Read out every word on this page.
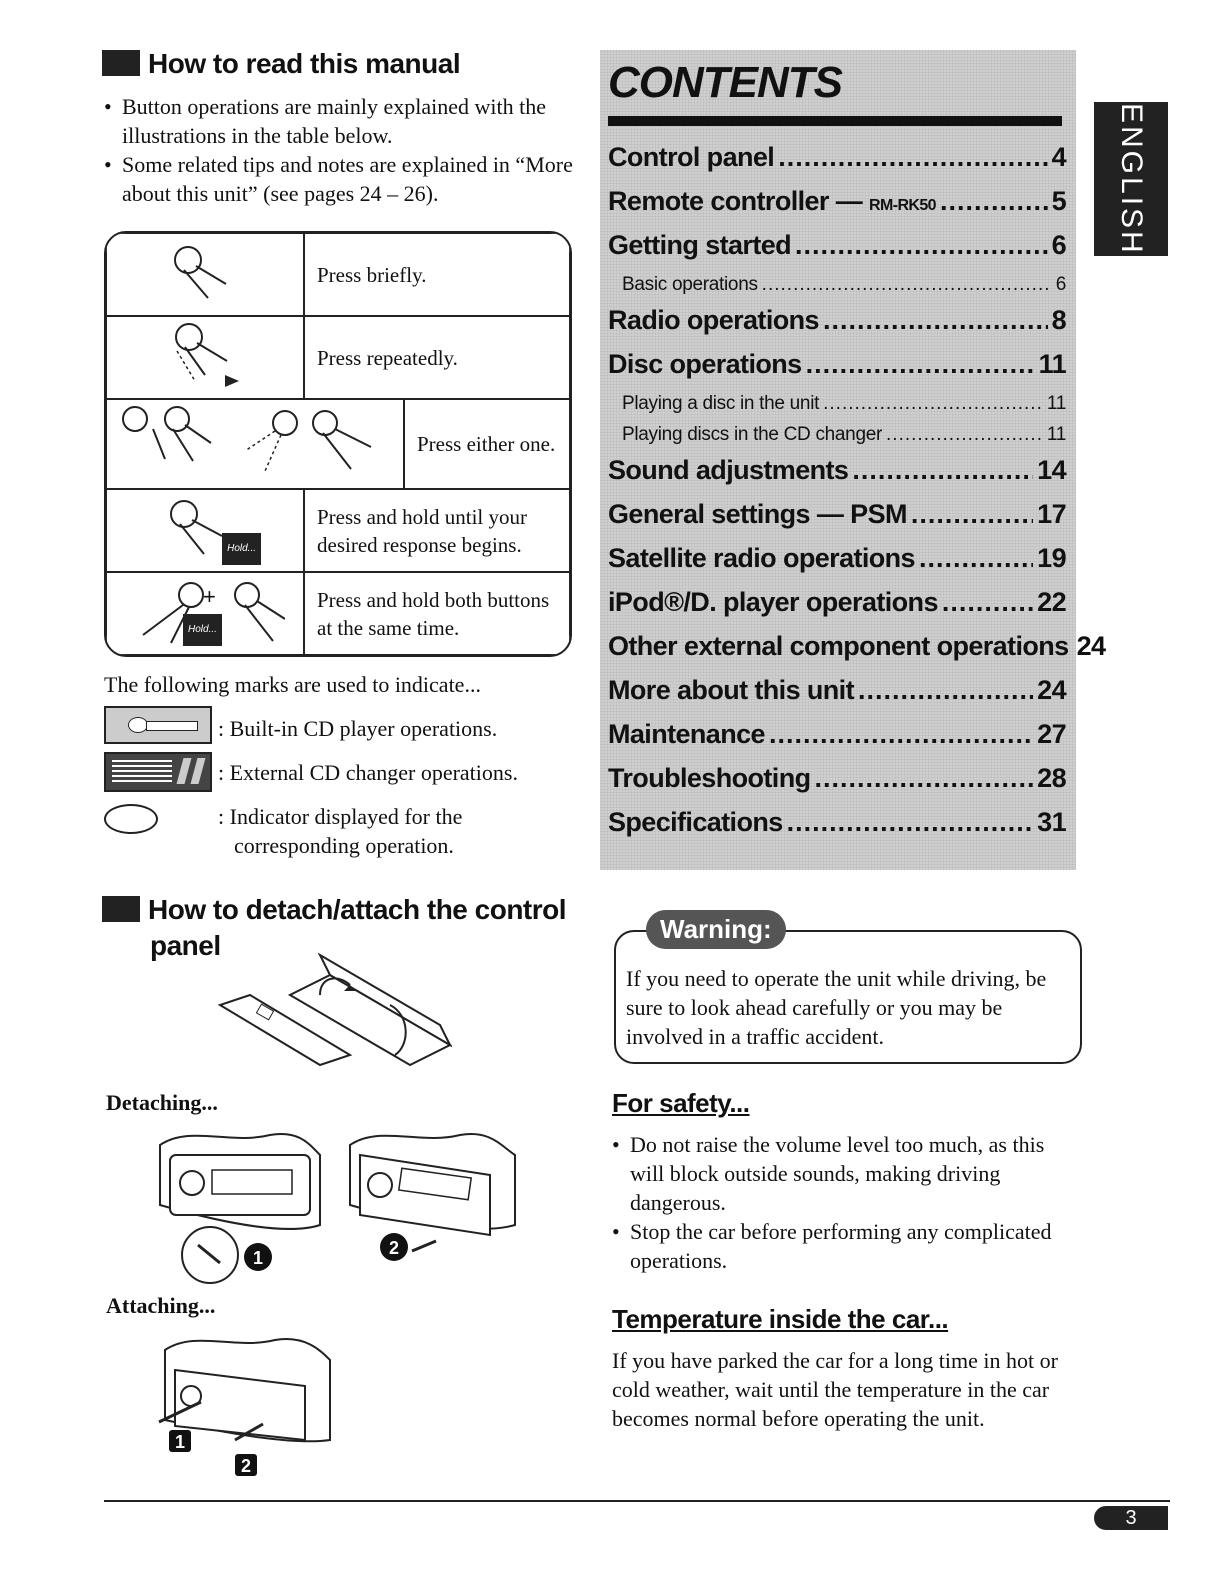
How to read this manual
• Button operations are mainly explained with the illustrations in the table below.
• Some related tips and notes are explained in “More about this unit” (see pages 24 – 26).
	Press briefly.	
	Press repeatedly.	
	Press either one.

Hold...	Press and hold until your desired response begins.	

+
Hold...	Press and hold both buttons at the same time.	
The following marks are used to indicate...
: Built-in CD player operations.
: External CD changer operations.
: Indicator displayed for the corresponding operation.
How to detach/attach the control
panel
Detaching...
1	2
Attaching...
1
2
CONTENTS
Control panel .....	4
Remote controller — RM-RK50 .....	5
Getting started .....	6
Basic operations .....	6
Radio operations .....	8
Disc operations .....	11
Playing a disc in the unit .....	11
Playing discs in the CD changer .....	11
Sound adjustments .....	14
General settings — PSM .....	17
Satellite radio operations .....	19
iPod®/D. player operations .....	22
Other external component operations 24
More about this unit .....	24
Maintenance .....	27
Troubleshooting .....	28
Specifications .....	31
ENGLISH
Warning:
If you need to operate the unit while driving, be sure to look ahead carefully or you may be involved in a traffic accident.
For safety...
• Do not raise the volume level too much, as this will block outside sounds, making driving dangerous.
• Stop the car before performing any complicated operations.
Temperature inside the car...
If you have parked the car for a long time in hot or cold weather, wait until the temperature in the car becomes normal before operating the unit.
3
